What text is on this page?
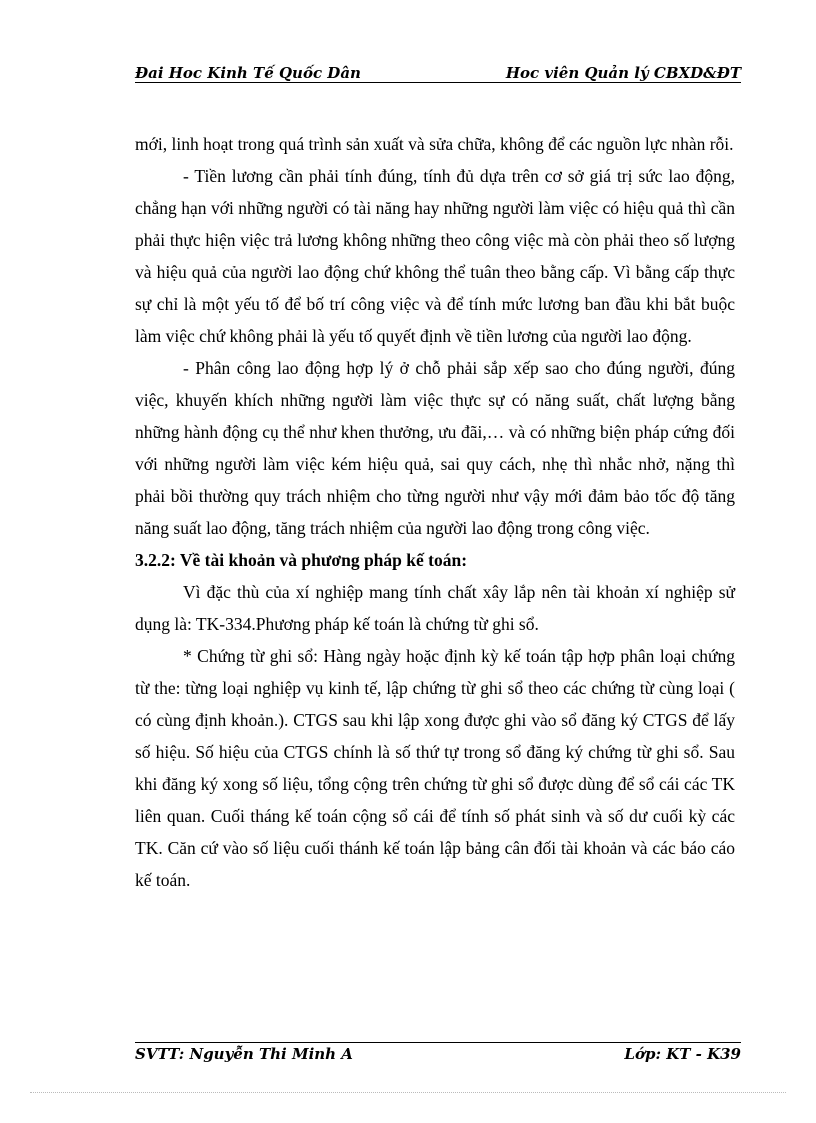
Đai Hoc Kinh Tế Quốc Dân	Hoc viên Quản lý CBXD&ĐT

mới, linh hoạt trong quá trình sản xuất và sửa chữa, không để các nguồn lực nhàn rỗi.

- Tiền lương cần phải tính đúng, tính đủ dựa trên cơ sở giá trị sức lao động, chẳng hạn với những người có tài năng hay những người làm việc có hiệu quả thì cần phải thực hiện việc trả lương không những theo công việc mà còn phải theo số lượng và hiệu quả của người lao động chứ không thể tuân theo bằng cấp. Vì bằng cấp thực sự chỉ là một yếu tố để bố trí công việc và để tính mức lương ban đầu khi bắt buộc làm việc chứ không phải là yếu tố quyết định về tiền lương của người lao động.

- Phân công lao động hợp lý ở chỗ phải sắp xếp sao cho đúng người, đúng việc, khuyến khích những người làm việc thực sự có năng suất, chất lượng bằng những hành động cụ thể như khen thưởng, ưu đãi,… và có những biện pháp cứng đối với những người làm việc kém hiệu quả, sai quy cách, nhẹ thì nhắc nhở, nặng thì phải bồi thường quy trách nhiệm cho từng người như vậy mới đảm bảo tốc độ tăng năng suất lao động, tăng trách nhiệm của người lao động trong công việc.

3.2.2: Về tài khoản và phương pháp kế toán:

Vì đặc thù của xí nghiệp mang tính chất xây lắp nên tài khoản xí nghiệp sử dụng là: TK-334.Phương pháp kế toán là chứng từ ghi sổ.

* Chứng từ ghi sổ: Hàng ngày hoặc định kỳ kế toán tập hợp phân loại chứng từ the: từng loại nghiệp vụ kinh tế, lập chứng từ ghi sổ theo các chứng từ cùng loại ( có cùng định khoản.). CTGS sau khi lập xong được ghi vào sổ đăng ký CTGS để lấy số hiệu. Số hiệu của CTGS chính là số thứ tự trong sổ đăng ký chứng từ ghi sổ. Sau khi đăng ký xong số liệu, tổng cộng trên chứng từ ghi sổ được dùng để sổ cái các TK liên quan. Cuối tháng kế toán cộng sổ cái để tính số phát sinh và số dư cuối kỳ các TK. Căn cứ vào số liệu cuối thánh kế toán lập bảng cân đối tài khoản và các báo cáo kế toán.

SVTT: Nguyễn Thi Minh A	Lớp: KT - K39
